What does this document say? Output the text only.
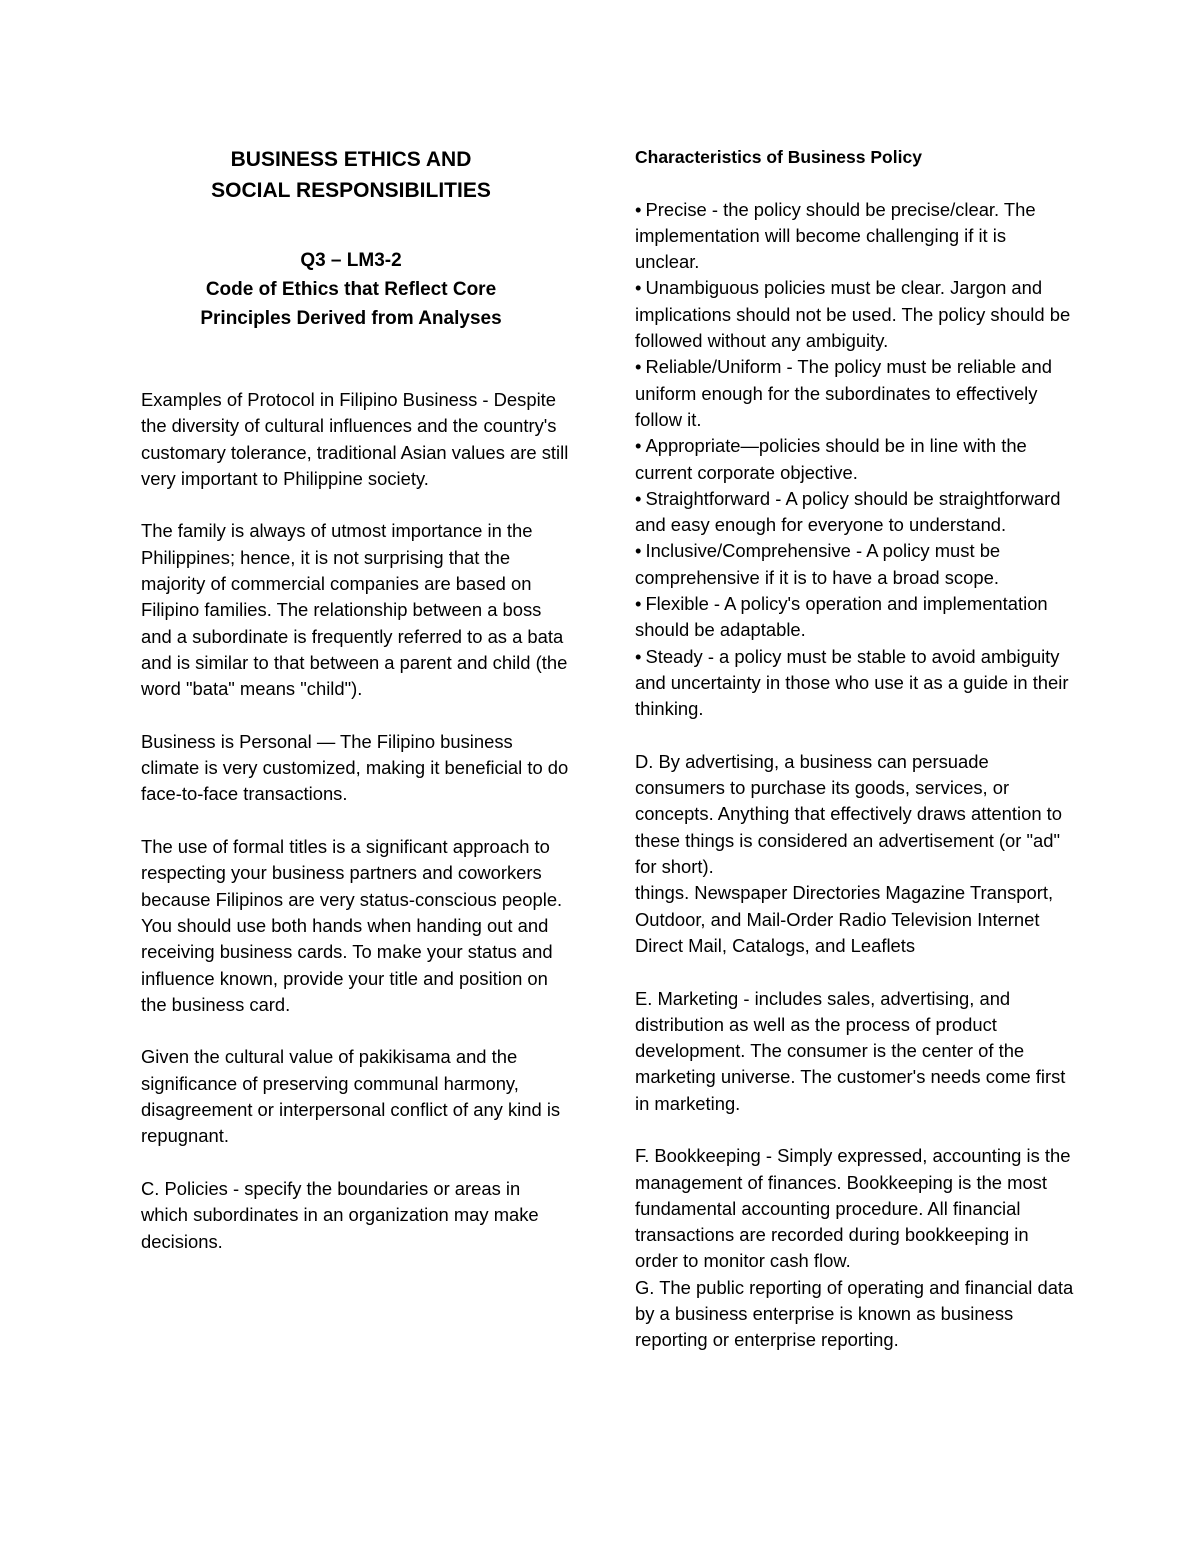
BUSINESS ETHICS AND

SOCIAL RESPONSIBILITIES

Q3 – LM3-2

Code of Ethics that Reflect Core

Principles Derived from Analyses

Examples of Protocol in Filipino Business - Despite the diversity of cultural influences and the country's customary tolerance, traditional Asian values are still very important to Philippine society.

The family is always of utmost importance in the Philippines; hence, it is not surprising that the majority of commercial companies are based on Filipino families. The relationship between a boss and a subordinate is frequently referred to as a bata and is similar to that between a parent and child (the word "bata" means "child").

Business is Personal — The Filipino business climate is very customized, making it beneficial to do face-to-face transactions.

The use of formal titles is a significant approach to respecting your business partners and coworkers because Filipinos are very status-conscious people. You should use both hands when handing out and receiving business cards. To make your status and influence known, provide your title and position on the business card.

Given the cultural value of pakikisama and the significance of preserving communal harmony, disagreement or interpersonal conflict of any kind is repugnant.

C. Policies - specify the boundaries or areas in which subordinates in an organization may make decisions.

Characteristics of Business Policy

• Precise - the policy should be precise/clear. The implementation will become challenging if it is unclear.
• Unambiguous policies must be clear. Jargon and implications should not be used. The policy should be followed without any ambiguity.
• Reliable/Uniform - The policy must be reliable and uniform enough for the subordinates to effectively follow it.
• Appropriate—policies should be in line with the current corporate objective.
• Straightforward - A policy should be straightforward and easy enough for everyone to understand.
• Inclusive/Comprehensive - A policy must be comprehensive if it is to have a broad scope.
• Flexible - A policy's operation and implementation should be adaptable.
• Steady - a policy must be stable to avoid ambiguity and uncertainty in those who use it as a guide in their thinking.

D. By advertising, a business can persuade consumers to purchase its goods, services, or concepts. Anything that effectively draws attention to these things is considered an advertisement (or "ad" for short).

things. Newspaper Directories Magazine Transport, Outdoor, and Mail-Order Radio Television Internet Direct Mail, Catalogs, and Leaflets

E. Marketing - includes sales, advertising, and distribution as well as the process of product development. The consumer is the center of the marketing universe. The customer's needs come first in marketing.

F. Bookkeeping - Simply expressed, accounting is the management of finances. Bookkeeping is the most fundamental accounting procedure. All financial transactions are recorded during bookkeeping in order to monitor cash flow.

G. The public reporting of operating and financial data by a business enterprise is known as business reporting or enterprise reporting.
